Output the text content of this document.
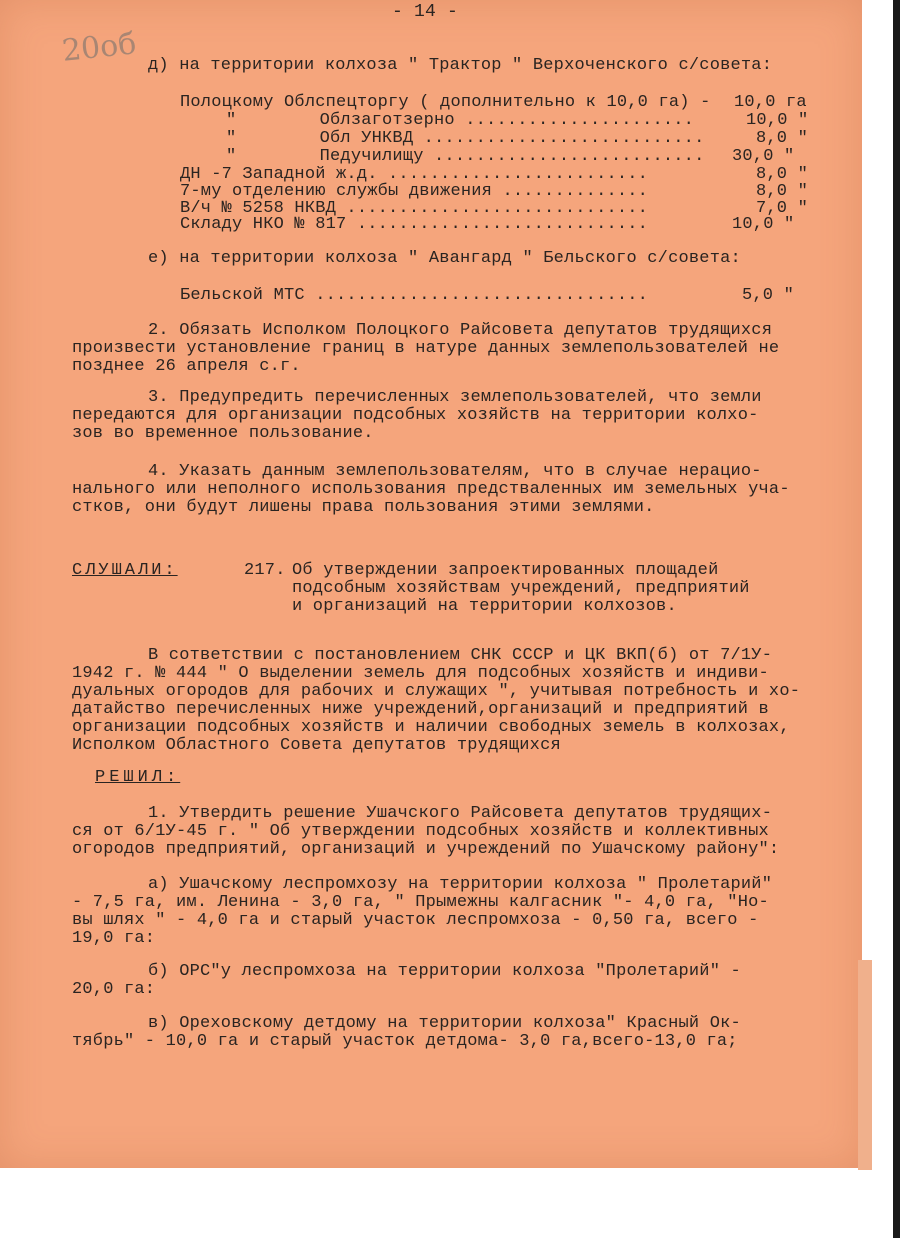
20об
- 14 -
д) на территории колхоза " Трактор " Верхоченского с/совета:
Полоцкому Облспецторгу ( дополнительно к 10,0 га) - 10,0 га
"        Облзаготзерно ......................	10,0 "
"        Обл УНКВД ...........................	8,0 "
"        Педучилищу .......................... 30,0 "
ДН -7 Западной ж.д. .........................	8,0 "
7-му отделению службы движения ..............	8,0 "
В/ч № 5258 НКВД .............................	7,0 "
Складу НКО № 817 ............................	10,0 "
е) на территории колхоза " Авангард " Бельского с/совета:
Бельской МТС ................................	5,0 "
2. Обязать Исполком Полоцкого Райсовета депутатов трудящихся
произвести установление границ в натуре данных землепользователей не
позднее 26 апреля с.г.
3. Предупредить перечисленных землепользователей, что земли
передаются для организации подсобных хозяйств на территории колхо-
зов во временное пользование.
4. Указать данным землепользователям, что в случае нерацио-
нального или неполного использования предстваленных им земельных уча-
стков, они будут лишены права пользования этими землями.
СЛУШАЛИ:	217. Об утверждении запроектированных площадей
подсобным хозяйствам учреждений, предприятий
и организаций на территории колхозов.
В сответствии с постановлением СНК СССР и ЦК ВКП(б) от 7/1У-
1942 г. № 444 " О выделении земель для подсобных хозяйств и индиви-
дуальных огородов для рабочих и служащих ", учитывая потребность и хо-
датайство перечисленных ниже учреждений,организаций и предприятий в
организации подсобных хозяйств и наличии свободных земель в колхозах,
Исполком Областного Совета депутатов трудящихся
РЕШИЛ:
1. Утвердить решение Ушачского Райсовета депутатов трудящих-
ся от 6/1У-45 г. " Об утверждении подсобных хозяйств и коллективных
огородов предприятий, организаций и учреждений по Ушачскому району":
а) Ушачскому леспромхозу на территории колхоза " Пролетарий"
- 7,5 га, им. Ленина - 3,0 га, " Прымежны калгасник "- 4,0 га, "Но-
вы шлях " - 4,0 га и старый участок леспромхоза - 0,50 га, всего -
19,0 га:
б) ОРС"у леспромхоза на территории колхоза "Пролетарий" -
20,0 га:
в) Ореховскому детдому на территории колхоза" Красный Ок-
тябрь" - 10,0 га и старый участок детдома- 3,0 га,всего-13,0 га;
